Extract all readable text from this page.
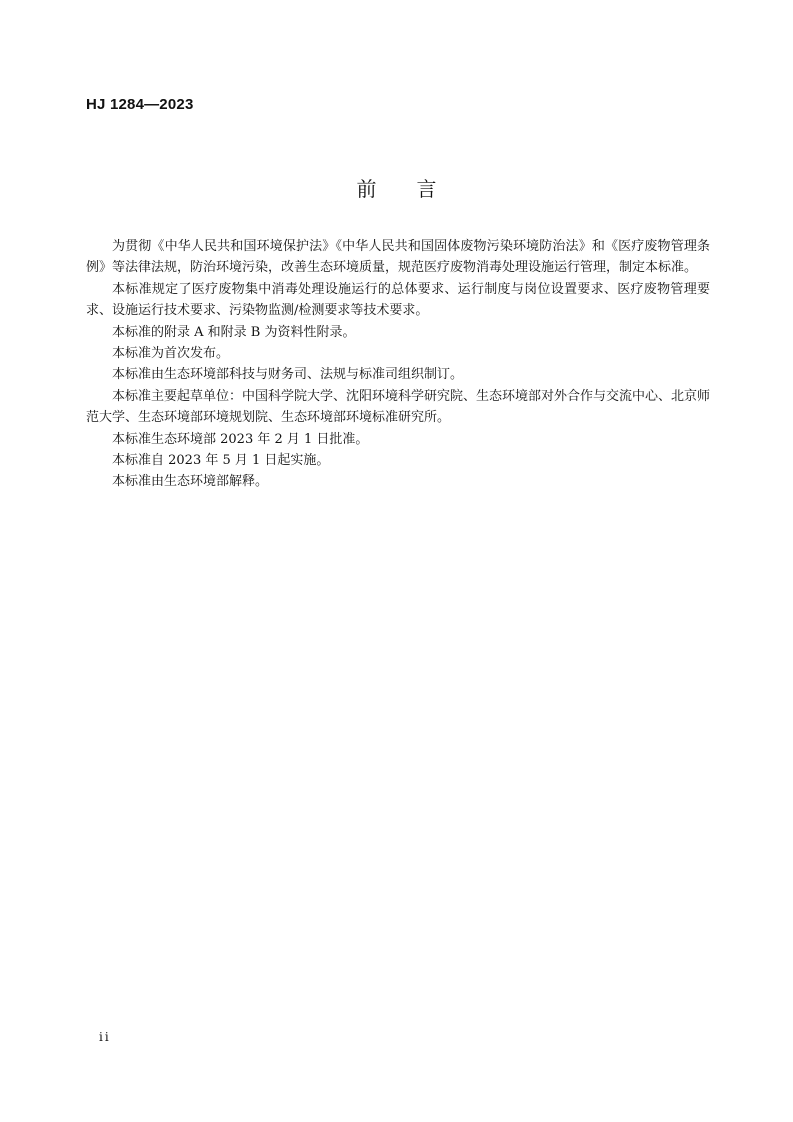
HJ 1284—2023
前言

为贯彻《中华人民共和国环境保护法》《中华人民共和国固体废物污染环境防治法》和《医疗废物管理条例》等法律法规，防治环境污染，改善生态环境质量，规范医疗废物消毒处理设施运行管理，制定本标准。

本标准规定了医疗废物集中消毒处理设施运行的总体要求、运行制度与岗位设置要求、医疗废物管理要求、设施运行技术要求、污染物监测/检测要求等技术要求。

本标准的附录 A 和附录 B 为资料性附录。

本标准为首次发布。

本标准由生态环境部科技与财务司、法规与标准司组织制订。

本标准主要起草单位：中国科学院大学、沈阳环境科学研究院、生态环境部对外合作与交流中心、北京师范大学、生态环境部环境规划院、生态环境部环境标准研究所。

本标准生态环境部 2023 年 2 月 1 日批准。

本标准自 2023 年 5 月 1 日起实施。

本标准由生态环境部解释。

ii
